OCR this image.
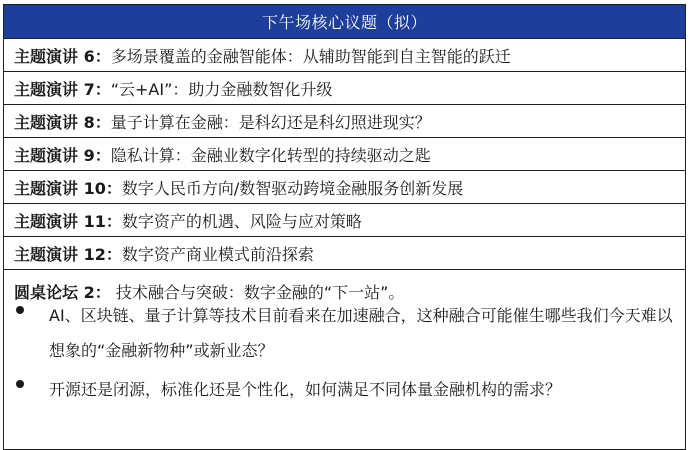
下午场核心议题（拟）
主题演讲 6： 多场景覆盖的金融智能体：从辅助智能到自主智能的跃迁
主题演讲 7： “云+AI”：助力金融数智化升级
主题演讲 8： 量子计算在金融：是科幻还是科幻照进现实？
主题演讲 9： 隐私计算：金融业数字化转型的持续驱动之匙
主题演讲 10： 数字人民币方向/数智驱动跨境金融服务创新发展
主题演讲 11： 数字资产的机遇、风险与应对策略
主题演讲 12： 数字资产商业模式前沿探索
圆桌论坛 2： 技术融合与突破：数字金融的“下一站”。
AI、区块链、量子计算等技术目前看来在加速融合，这种融合可能催生哪些我们今天难以想象的“金融新物种”或新业态？
开源还是闭源，标准化还是个性化，如何满足不同体量金融机构的需求？
